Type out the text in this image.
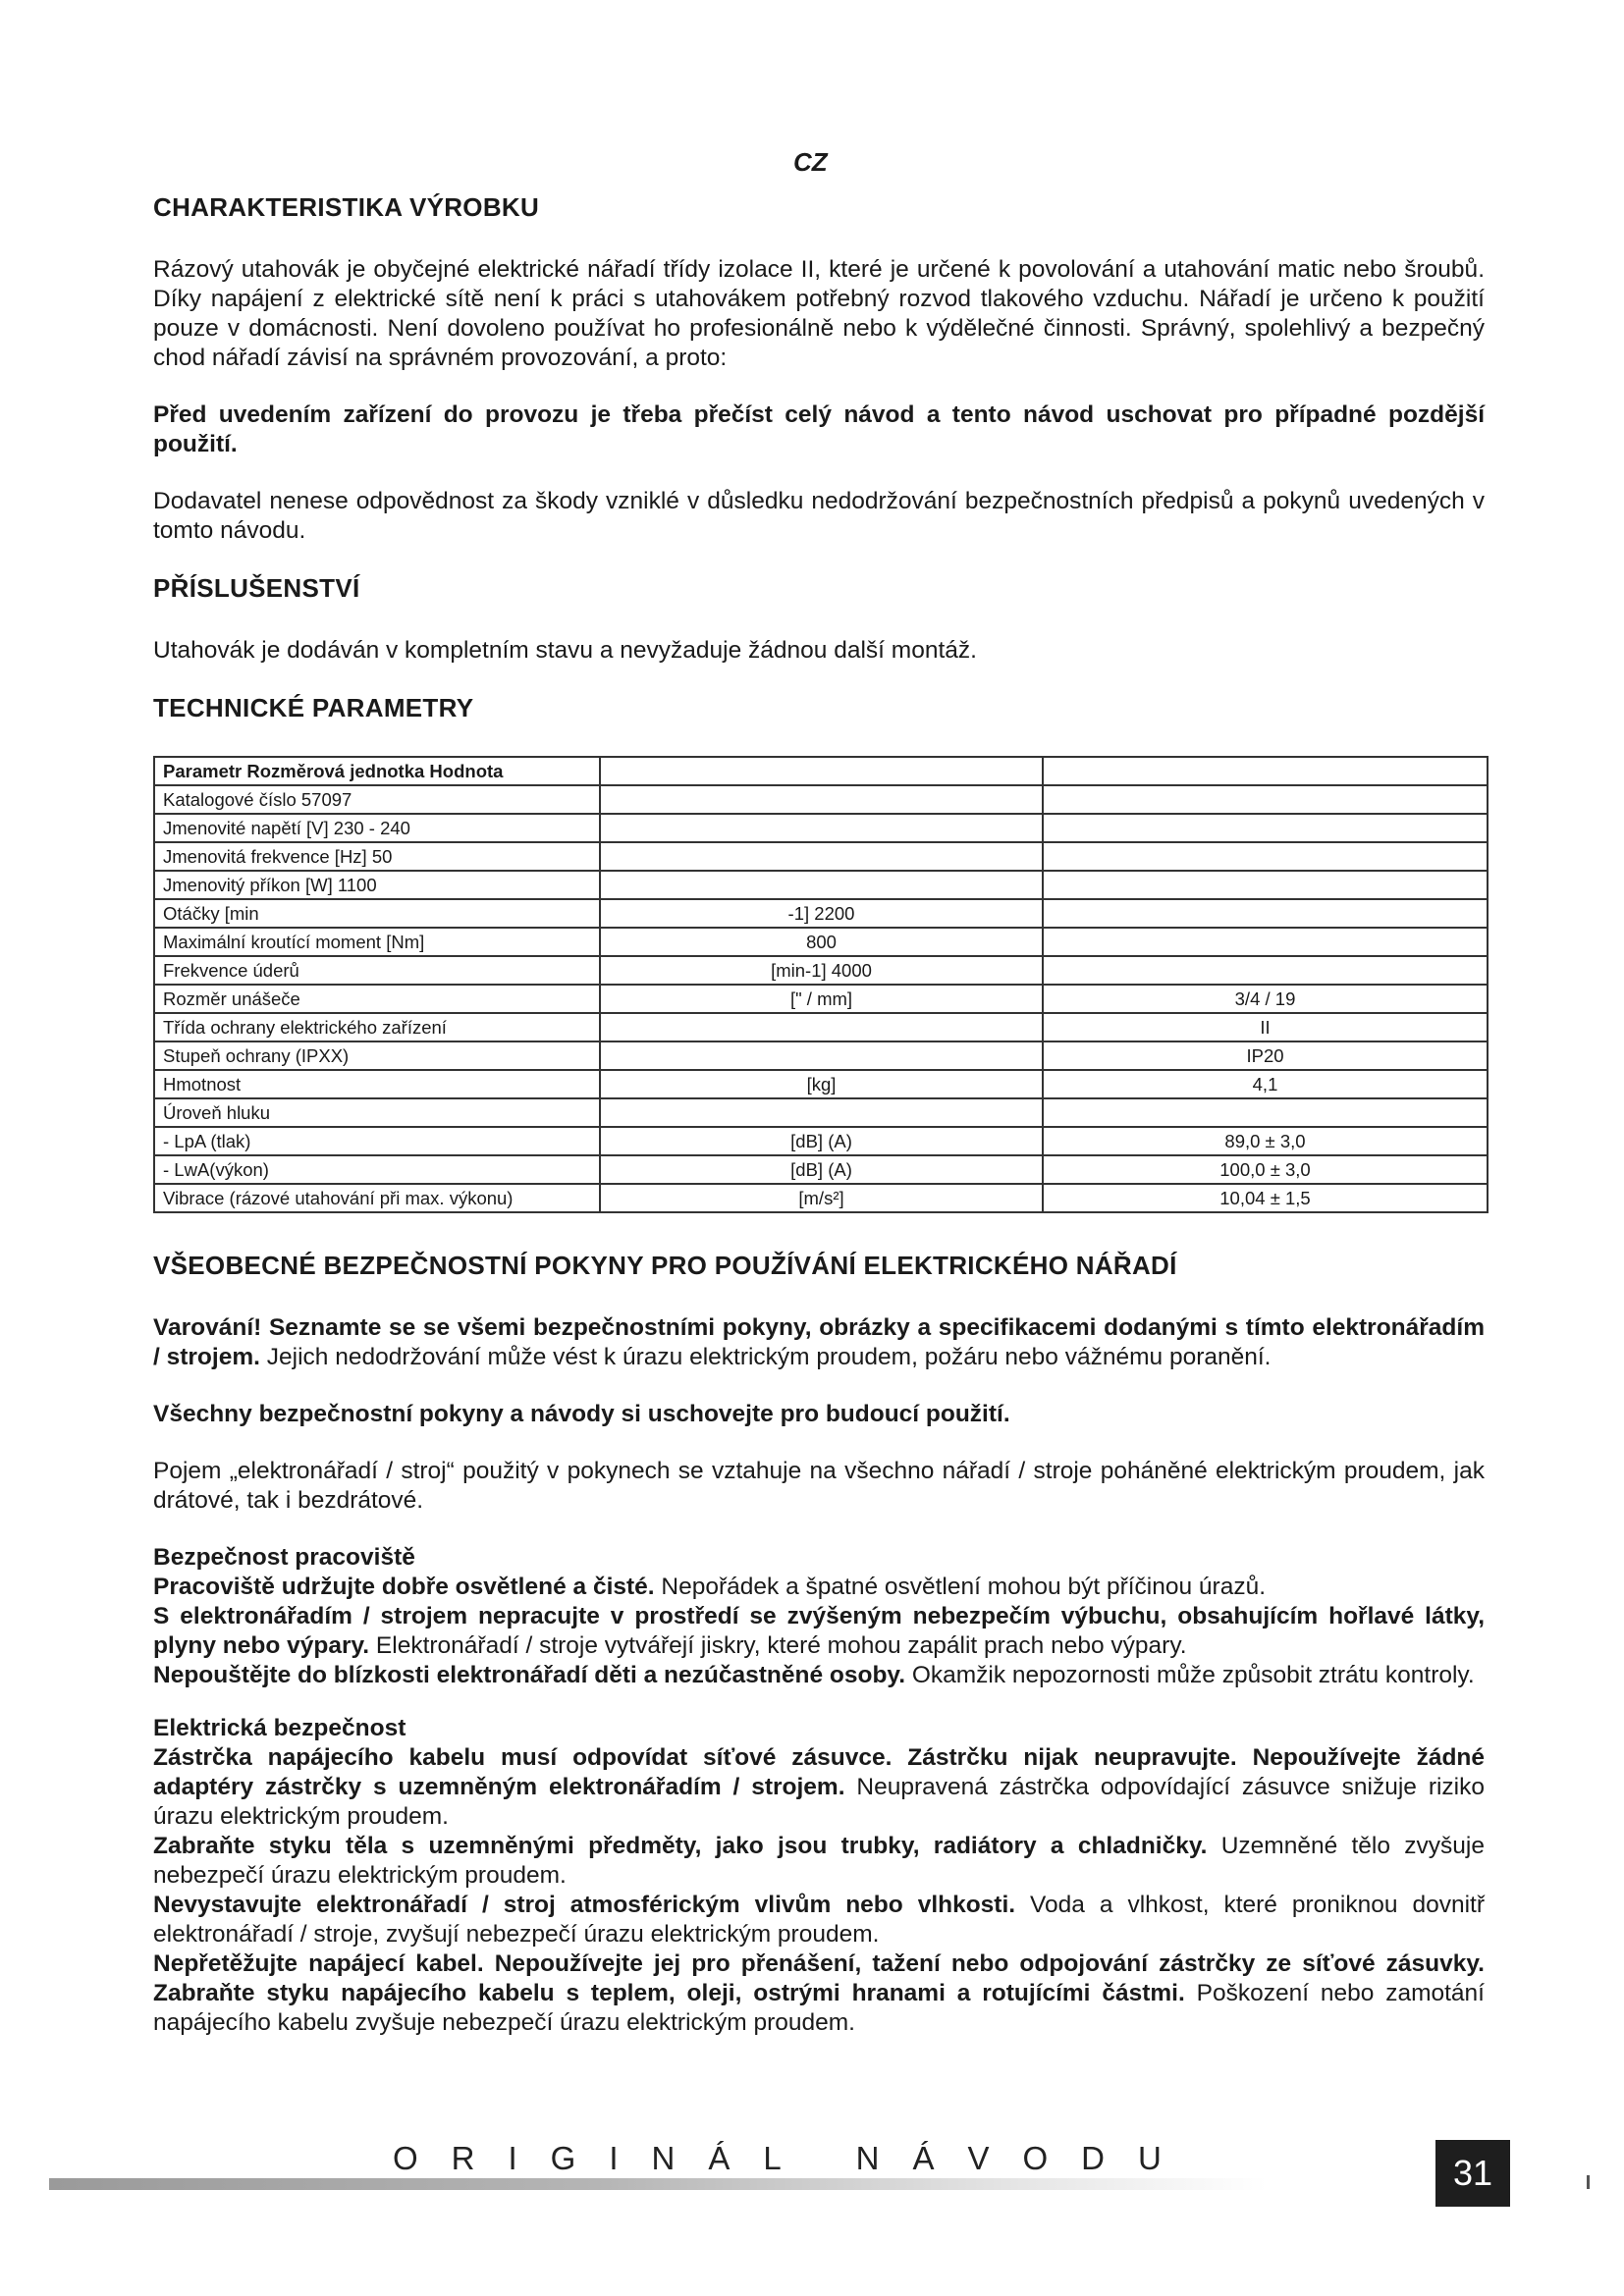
CZ
CHARAKTERISTIKA VÝROBKU

Rázový utahovák je obyčejné elektrické nářadí třídy izolace II, které je určené k povolování a utahování matic nebo šroubů. Díky napájení z elektrické sítě není k práci s utahovákem potřebný rozvod tlakového vzduchu. Nářadí je určeno k použití pouze v domácnosti. Není dovoleno používat ho profesionálně nebo k výdělečné činnosti. Správný, spolehlivý a bezpečný chod nářadí závisí na správném provozování, a proto:

Před uvedením zařízení do provozu je třeba přečíst celý návod a tento návod uschovat pro případné pozdější použití.

Dodavatel nenese odpovědnost za škody vzniklé v důsledku nedodržování bezpečnostních předpisů a pokynů uvedených v tomto návodu.

PŘÍSLUŠENSTVÍ

Utahovák je dodáván v kompletním stavu a nevyžaduje žádnou další montáž.

TECHNICKÉ PARAMETRY
Parametr Rozměrová jednotka Hodnota		
Katalogové číslo 57097		
Jmenovité napětí [V] 230 - 240		
Jmenovitá frekvence [Hz] 50		
Jmenovitý příkon [W] 1100		
Otáčky [min	-1] 2200	
Maximální kroutící moment [Nm]	800	
Frekvence úderů	[min-1] 4000	
Rozměr unášeče	[" / mm]	3/4 / 19
Třída ochrany elektrického zařízení		II
Stupeň ochrany (IPXX)		IP20
Hmotnost	[kg]	4,1
Úroveň hluku		
- LpA (tlak)	[dB] (A)	89,0 ± 3,0
- LwA(výkon)	[dB] (A)	100,0 ± 3,0
Vibrace (rázové utahování při max. výkonu)	[m/s²]	10,04 ± 1,5
VŠEOBECNÉ BEZPEČNOSTNÍ POKYNY PRO POUŽÍVÁNÍ ELEKTRICKÉHO NÁŘADÍ

Varování! Seznamte se se všemi bezpečnostními pokyny, obrázky a specifikacemi dodanými s tímto elektronářadím / strojem. Jejich nedodržování může vést k úrazu elektrickým proudem, požáru nebo vážnému poranění.

Všechny bezpečnostní pokyny a návody si uschovejte pro budoucí použití.

Pojem „elektronářadí / stroj“ použitý v pokynech se vztahuje na všechno nářadí / stroje poháněné elektrickým proudem, jak drátové, tak i bezdrátové.

Bezpečnost pracoviště

Pracoviště udržujte dobře osvětlené a čisté. Nepořádek a špatné osvětlení mohou být příčinou úrazů.

S elektronářadím / strojem nepracujte v prostředí se zvýšeným nebezpečím výbuchu, obsahujícím hořlavé látky, plyny nebo výpary. Elektronářadí / stroje vytvářejí jiskry, které mohou zapálit prach nebo výpary.

Nepouštějte do blízkosti elektronářadí děti a nezúčastněné osoby. Okamžik nepozornosti může způsobit ztrátu kontroly.

Elektrická bezpečnost

Zástrčka napájecího kabelu musí odpovídat síťové zásuvce. Zástrčku nijak neupravujte. Nepoužívejte žádné adaptéry zástrčky s uzemněným elektronářadím / strojem. Neupravená zástrčka odpovídající zásuvce snižuje riziko úrazu elektrickým proudem.

Zabraňte styku těla s uzemněnými předměty, jako jsou trubky, radiátory a chladničky. Uzemněné tělo zvyšuje nebezpečí úrazu elektrickým proudem.

Nevystavujte elektronářadí / stroj atmosférickým vlivům nebo vlhkosti. Voda a vlhkost, které proniknou dovnitř elektronářadí / stroje, zvyšují nebezpečí úrazu elektrickým proudem.

Nepřetěžujte napájecí kabel. Nepoužívejte jej pro přenášení, tažení nebo odpojování zástrčky ze síťové zásuvky. Zabraňte styku napájecího kabelu s teplem, oleji, ostrými hranami a rotujícími částmi. Poškození nebo zamotání napájecího kabelu zvyšuje nebezpečí úrazu elektrickým proudem.

ORIGINÁL NÁVODU	31
